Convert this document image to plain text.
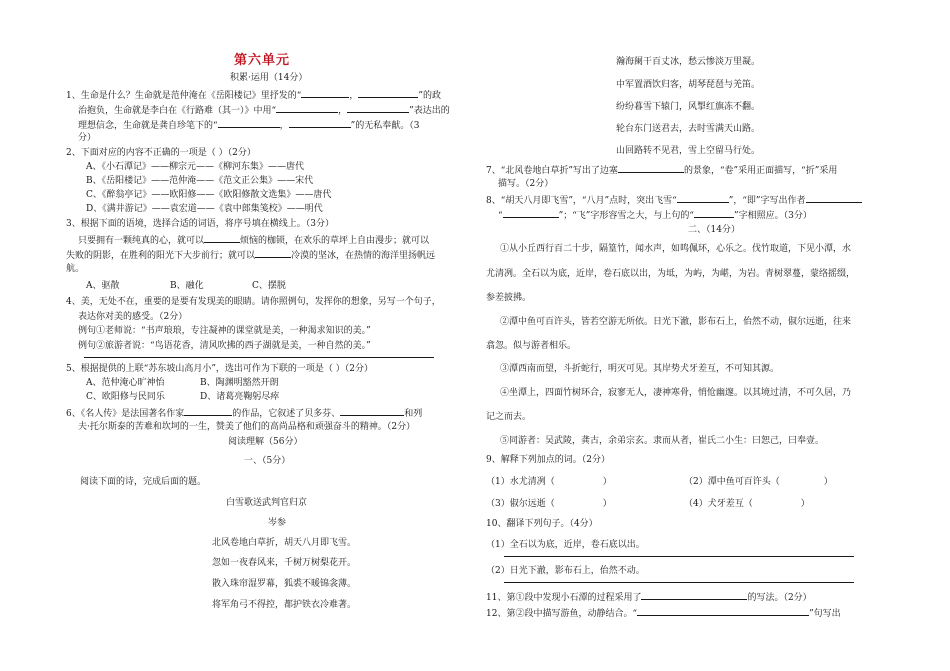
第六单元
积累·运用（14分）
1、生命是什么？生命就是范仲淹在《岳阳楼记》里抒发的“	，	”的政
治抱负，生命就是李白在《行路难（其一）》中用“	，	”表达出的
理想信念，生命就是龚自珍笔下的“	，	”的无私奉献。（3
分）
2、下面对应的内容不正确的一项是（ ）（2分）
A、《小石潭记》——柳宗元——《柳河东集》——唐代
B、《岳阳楼记》——范仲淹——《范文正公集》——宋代
C、《醉翁亭记》——欧阳修——《欧阳修散文选集》——唐代
D、《满井游记》——袁宏道——《袁中郎集笺校》——明代
3、根据下面的语境，选择合适的词语，将序号填在横线上。（3分）
只要拥有一颗纯真的心，就可以	烦恼的枷锁，在欢乐的草坪上自由漫步；就可以
失败的阴影，在胜利的阳光下大步前行；就可以	冷漠的坚冰，在热情的海洋里扬帆远
航。
A、驱散	B、融化	C、摆脱
4、美，无处不在，重要的是要有发现美的眼睛。请你照例句，发挥你的想象，另写一个句子，
表达你对美的感受。（2分）
例句①老师说：“书声琅琅，专注凝神的课堂就是美，一种渴求知识的美。”
例句②旅游者说：“鸟语花香，清风吹拂的西子湖就是美，一种自然的美。”
5、根据提供的上联“苏东坡山高月小”，选出可作为下联的一项是（ ）（2分）
A、范仲淹心旷神怡	B、陶渊明豁然开朗
C、欧阳修与民同乐	D、诸葛亮鞠躬尽瘁
6、《名人传》是法国著名作家	的作品，它叙述了贝多芬、	和列
夫·托尔斯泰的苦难和坎坷的一生，赞美了他们的高尚品格和顽强奋斗的精神。（2分）
阅读理解（56分）
一、（5分）
阅读下面的诗，完成后面的题。
白雪歌送武判官归京
岑参
北风卷地白草折，胡天八月即飞雪。
忽如一夜春风来，千树万树梨花开。
散入珠帘湿罗幕，狐裘不暖锦衾薄。
将军角弓不得控，都护铁衣冷难著。
瀚海阑干百丈冰，愁云惨淡万里凝。
中军置酒饮归客，胡琴琵琶与羌笛。
纷纷暮雪下辕门，风掣红旗冻不翻。
轮台东门送君去，去时雪满天山路。
山回路转不见君，雪上空留马行处。
7、“北风卷地白草折”写出了边塞	的景象，“卷”采用正面描写，“折”采用
描写。（2分）
8、“胡天八月即飞雪”，“八月”点时，突出飞雪“	”，“即”字写出作者
“	”；“飞”字形容雪之大，与上句的“	”字相照应。（3分）
二、（14分）
①从小丘西行百二十步，隔篁竹，闻水声，如鸣佩环，心乐之。伐竹取道，下见小潭，水
尤清冽。全石以为底，近岸，卷石底以出，为坻，为屿，为嵁，为岩。青树翠蔓，蒙络摇缀，
参差披拂。
②潭中鱼可百许头，皆若空游无所依。日光下澈，影布石上，佁然不动，俶尔远逝，往来
翕忽。似与游者相乐。
③潭西南而望，斗折蛇行，明灭可见。其岸势犬牙差互，不可知其源。
④坐潭上，四面竹树环合，寂寥无人，凄神寒骨，悄怆幽邃。以其境过清，不可久居，乃
记之而去。
⑤同游者：吴武陵，龚古，余弟宗玄。隶而从者，崔氏二小生：曰恕己，曰奉壹。
9、解释下列加点的词。（2分）
（1）水尤清冽（	）	（2）潭中鱼可百许头（	）
（3）俶尔远逝（	）	（4）犬牙差互（	）
10、翻译下列句子。（4分）
（1）全石以为底，近岸，卷石底以出。
（2）日光下澈，影布石上，佁然不动。
11、第①段中发现小石潭的过程采用了	的写法。（2分）
12、第②段中描写游鱼，动静结合。“	”句写出
